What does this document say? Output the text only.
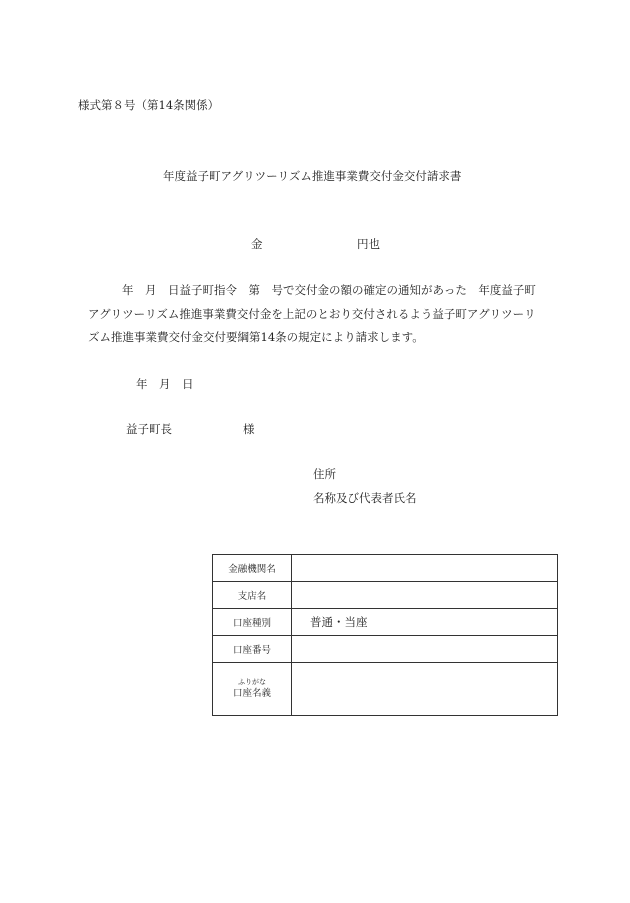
様式第８号（第14条関係）
年度益子町アグリツーリズム推進事業費交付金交付請求書
金	円也
年　月　日益子町指令　第　号で交付金の額の確定の通知があった　年度益子町
アグリツーリズム推進事業費交付金を上記のとおり交付されるよう益子町アグリツーリ
ズム推進事業費交付金交付要綱第14条の規定により請求します。
年　月　日
益子町長	様
住所
名称及び代表者氏名
金融機関名	
支店名	
口座種別	普通・当座
口座番号	

ふりがな
口座名義	
